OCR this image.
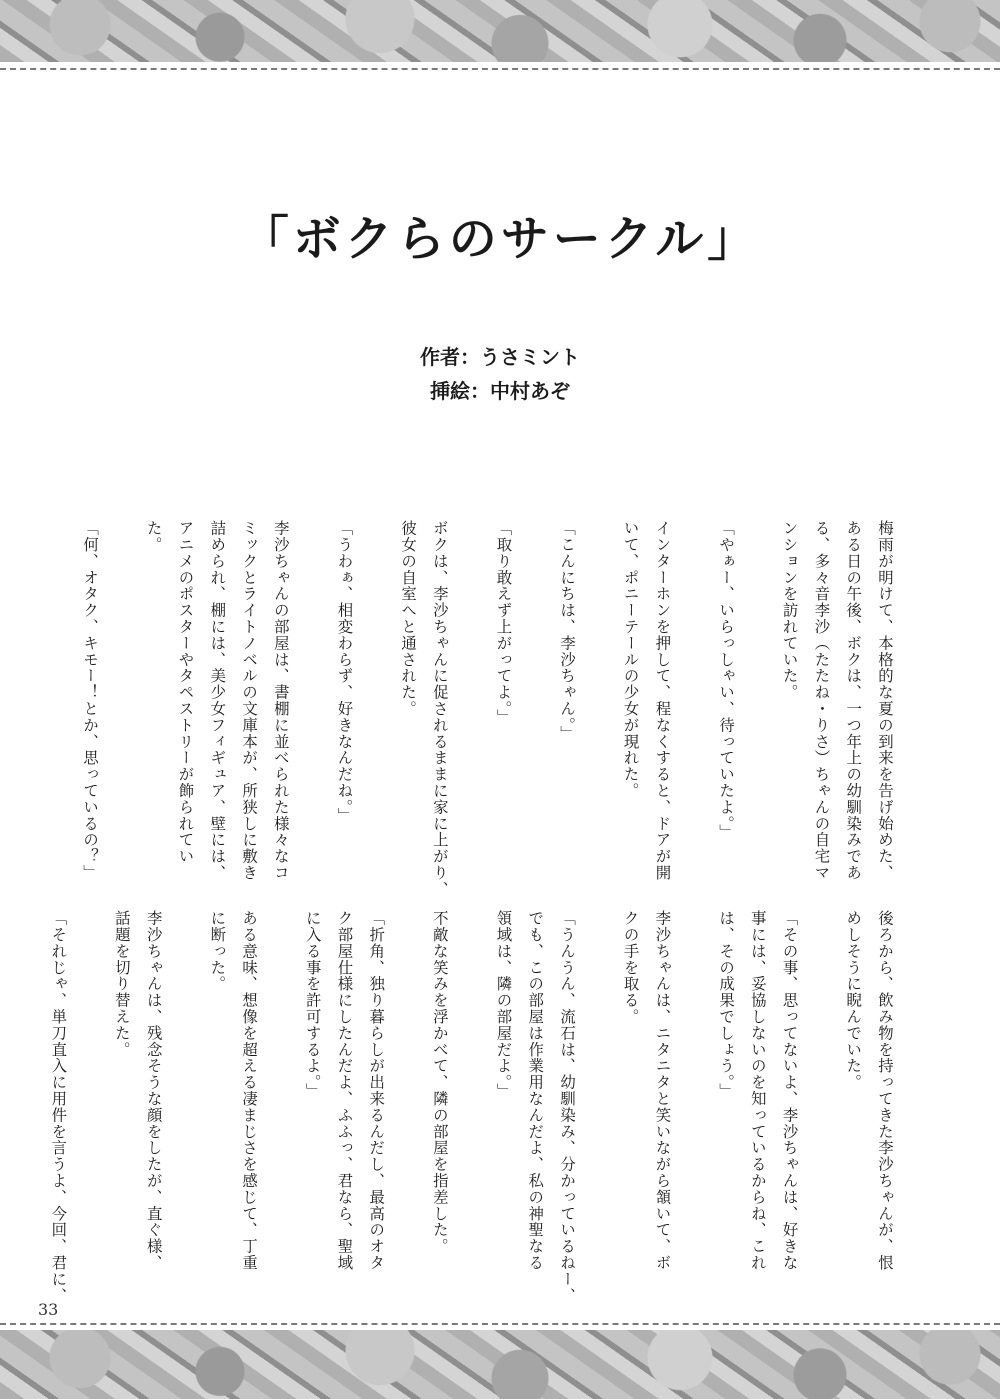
「ボクらのサークル」

作者：うさミント

挿絵：中村あぞ

梅雨が明けて、本格的な夏の到来を告げ始めた、

ある日の午後、ボクは、一つ年上の幼馴染みであ

る、多々音李沙（たたね・りさ）ちゃんの自宅マ

ンションを訪れていた。

「やぁー、いらっしゃい、待っていたよ。」

インターホンを押して、程なくすると、ドアが開

いて、ポニーテールの少女が現れた。

「こんにちは、李沙ちゃん。」

「取り敢えず上がってよ。」

ボクは、李沙ちゃんに促されるままに家に上がり、

彼女の自室へと通された。

「うわぁ、相変わらず、好きなんだね。」

李沙ちゃんの部屋は、書棚に並べられた様々なコ

ミックとライトノベルの文庫本が、所狭しに敷き

詰められ、棚には、美少女フィギュア、壁には、

アニメのポスターやタペストリーが飾られてい

た。

「何、オタク、キモー！とか、思っているの？」

後ろから、飲み物を持ってきた李沙ちゃんが、恨

めしそうに睨んでいた。

「その事、思ってないよ、李沙ちゃんは、好きな

事には、妥協しないのを知っているからね、これ

は、その成果でしょう。」

李沙ちゃんは、ニタニタと笑いながら頷いて、ボ

クの手を取る。

「うんうん、流石は、幼馴染み、分かっているねー、

でも、この部屋は作業用なんだよ、私の神聖なる

領域は、隣の部屋だよ。」

不敵な笑みを浮かべて、隣の部屋を指差した。

「折角、独り暮らしが出来るんだし、最高のオタ

ク部屋仕様にしたんだよ、ふふっ、君なら、聖域

に入る事を許可するよ。」

ある意味、想像を超える凄まじさを感じて、丁重

に断った。

李沙ちゃんは、残念そうな顔をしたが、直ぐ様、

話題を切り替えた。

「それじゃ、単刀直入に用件を言うよ、今回、君に、

33
